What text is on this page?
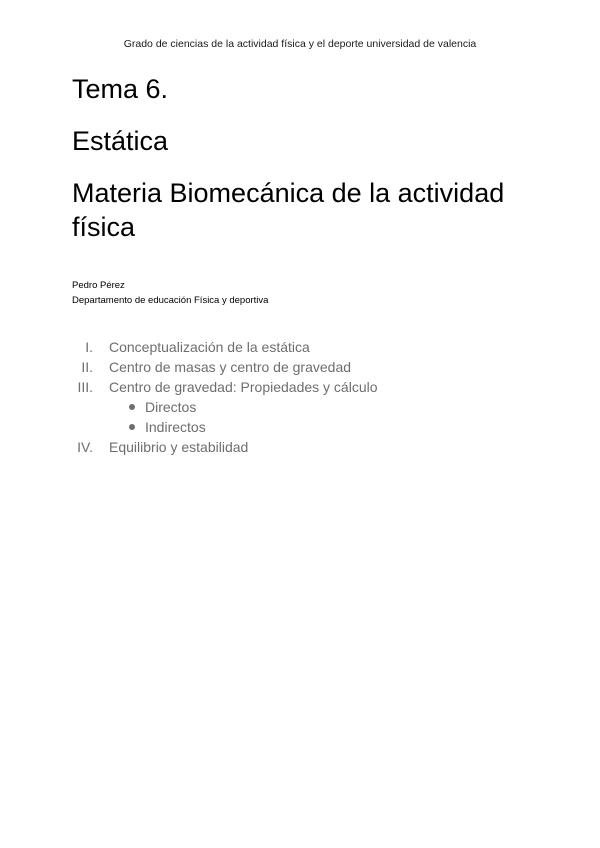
Grado de ciencias de la actividad física y el deporte universidad de valencia
Tema 6.
Estática
Materia Biomecánica de la actividad física
Pedro Pérez
Departamento de educación Física y deportiva
I. Conceptualización de la estática
II. Centro de masas y centro de gravedad
III. Centro de gravedad: Propiedades y cálculo
Directos
Indirectos
IV. Equilibrio y estabilidad
